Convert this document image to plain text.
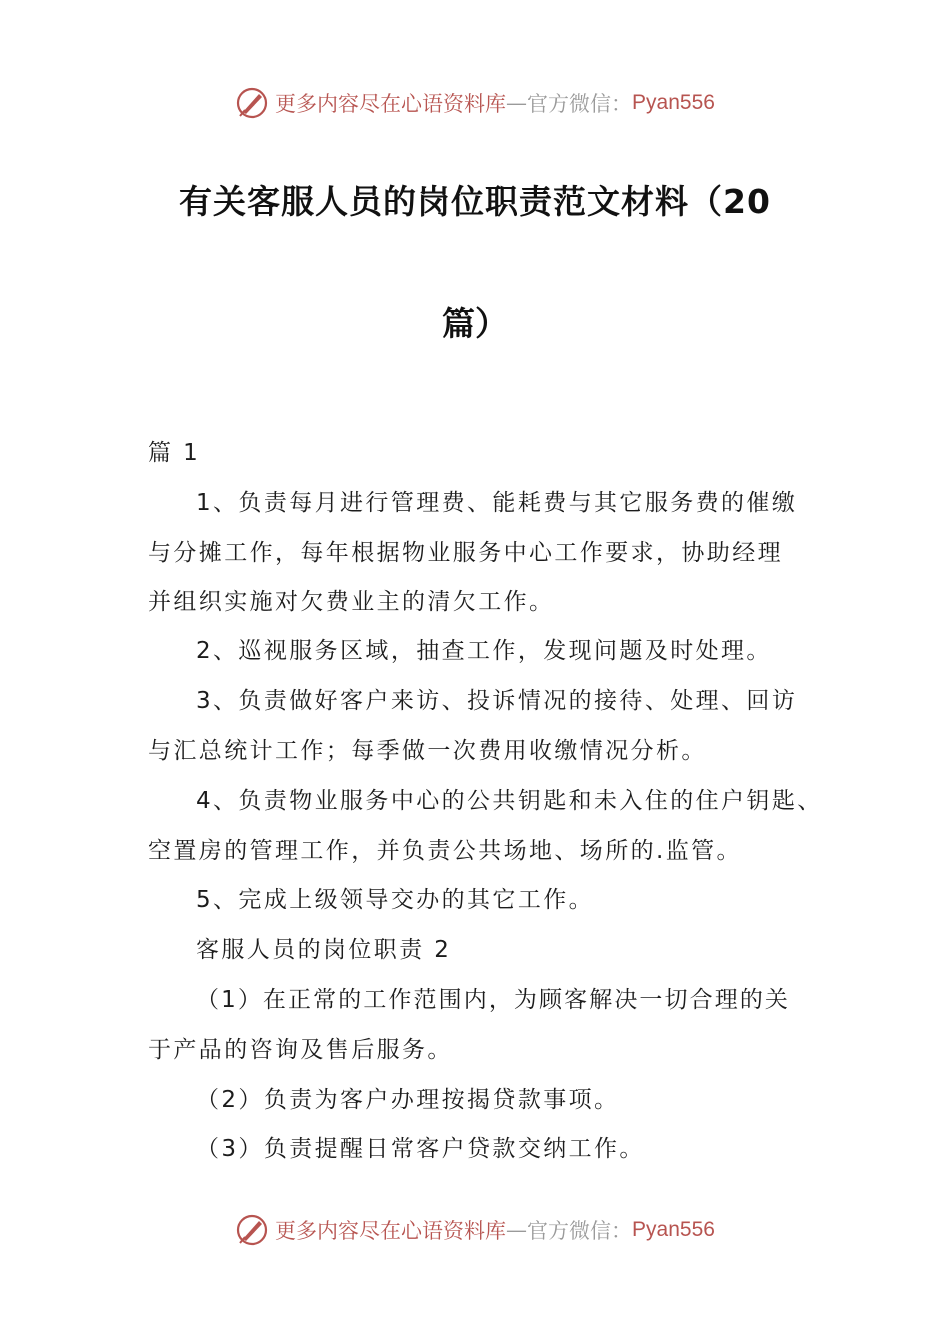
更多内容尽在心语资料库 — 官方微信： Pyan556
有关客服人员的岗位职责范文材料（20
篇）
篇 1
1、负责每月进行管理费、能耗费与其它服务费的催缴
与分摊工作，每年根据物业服务中心工作要求，协助经理
并组织实施对欠费业主的清欠工作。
2、巡视服务区域，抽查工作，发现问题及时处理。
3、负责做好客户来访、投诉情况的接待、处理、回访
与汇总统计工作；每季做一次费用收缴情况分析。
4、负责物业服务中心的公共钥匙和未入住的住户钥匙、
空置房的管理工作，并负责公共场地、场所的.监管。
5、完成上级领导交办的其它工作。
客服人员的岗位职责 2
（1）在正常的工作范围内，为顾客解决一切合理的关
于产品的咨询及售后服务。
（2）负责为客户办理按揭贷款事项。
（3）负责提醒日常客户贷款交纳工作。
更多内容尽在心语资料库 — 官方微信： Pyan556
